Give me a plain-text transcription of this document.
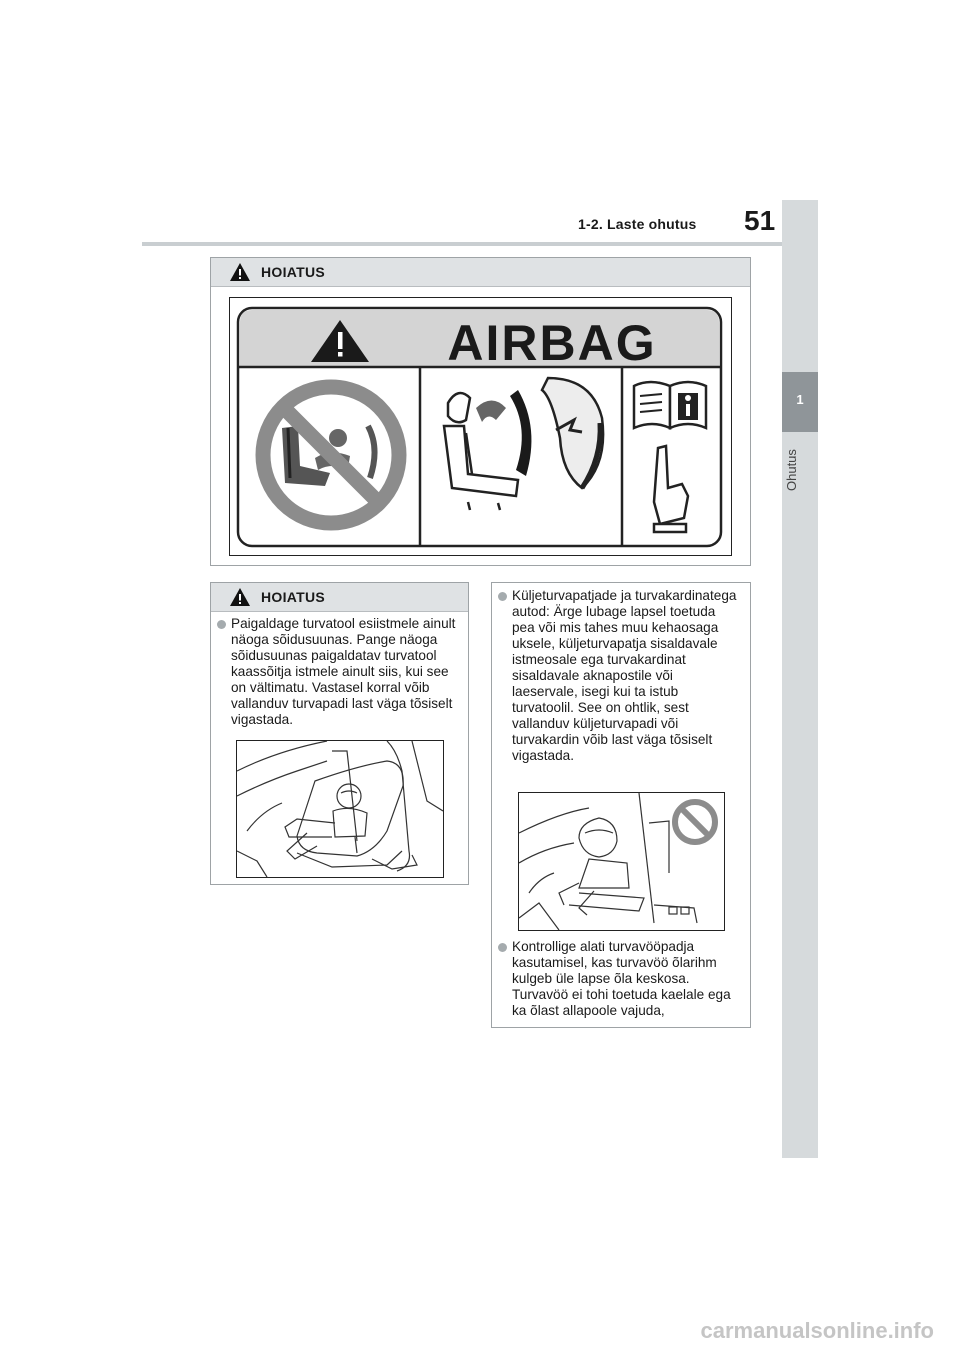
1-2. Laste ohutus 51
1
Ohutus
HOIATUS
AIRBAG
HOIATUS
Paigaldage turvatool esiistmele ainult näoga sõidusuunas. Pange näoga sõidusuunas paigaldatav turvatool kaassõitja istmele ainult siis, kui see on vältimatu. Vastasel korral võib vallanduv turvapadi last väga tõsiselt vigastada.
Küljeturvapatjade ja turvakardinatega autod: Ärge lubage lapsel toetuda pea või mis tahes muu kehaosaga uksele, küljeturvapatja sisaldavale istmeosale ega turvakardinat sisaldavale aknapostile või laeservale, isegi kui ta istub turvatoolil. See on ohtlik, sest vallanduv küljeturvapadi või turvakardin võib last väga tõsiselt vigastada.
Kontrollige alati turvavööpadja kasutamisel, kas turvavöö õlarihm kulgeb üle lapse õla keskosa. Turvavöö ei tohi toetuda kaelale ega ka õlast allapoole vajuda,
carmanualsonline.info
